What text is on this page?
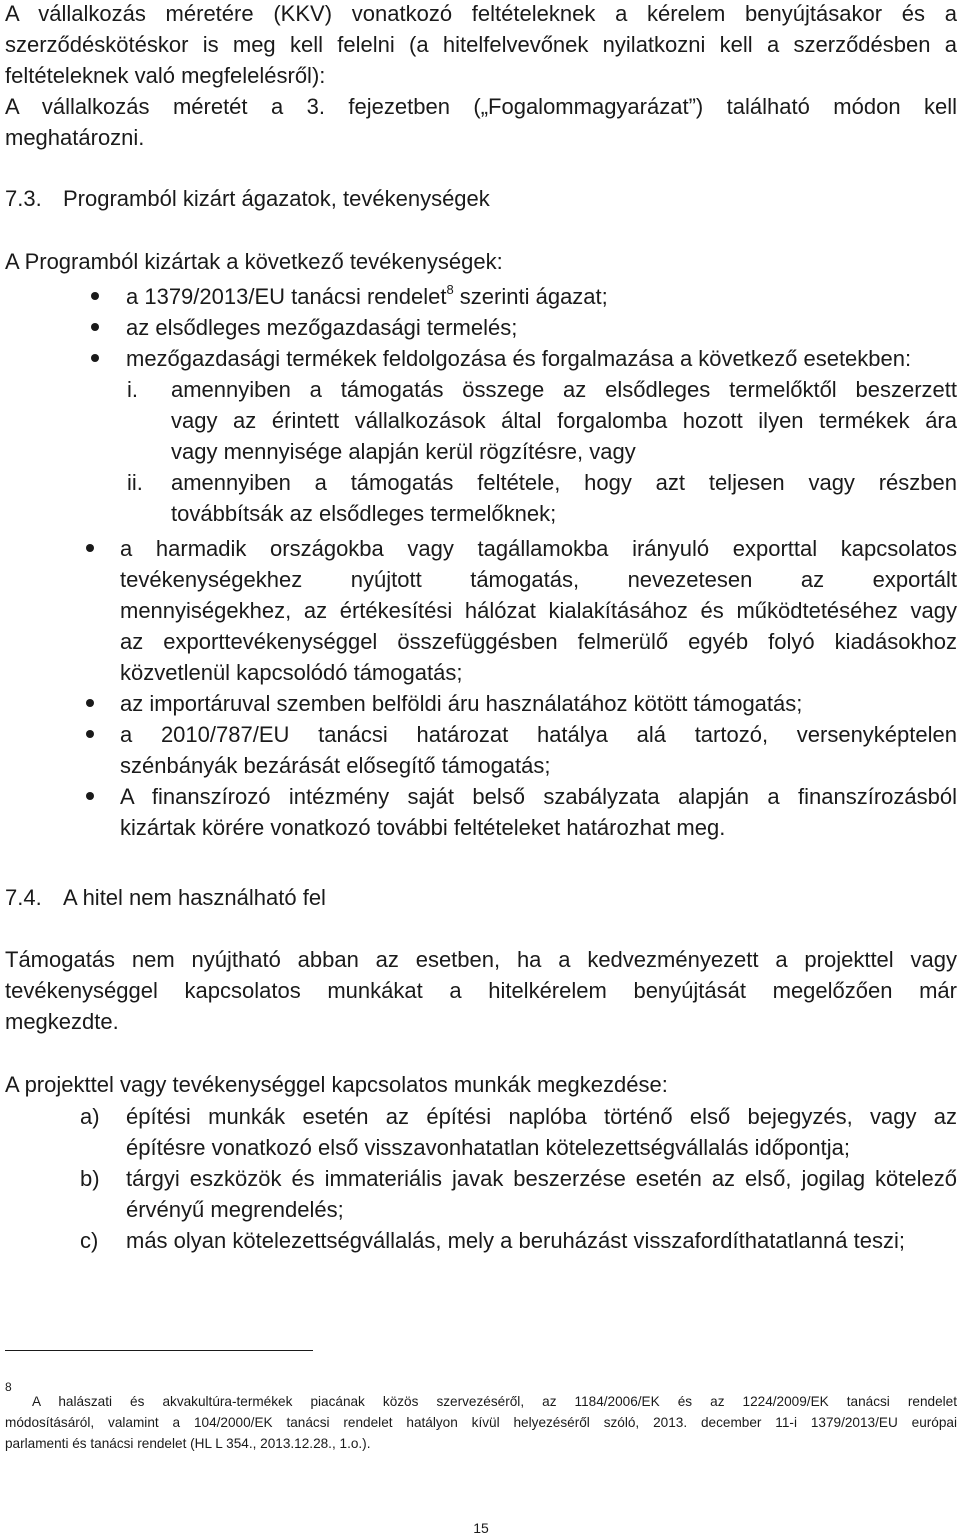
A vállalkozás méretére (KKV) vonatkozó feltételeknek a kérelem benyújtásakor és a
szerződéskötéskor is meg kell felelni (a hitelfelvevőnek nyilatkozni kell a szerződésben a
feltételeknek való megfelelésről):
A vállalkozás méretét a 3. fejezetben („Fogalommagyarázat”) található módon kell
meghatározni.

7.3. Programból kizárt ágazatok, tevékenységek

A Programból kizártak a következő tevékenységek:

a 1379/2013/EU tanácsi rendelet$^8$ szerinti ágazat;
az elsődleges mezőgazdasági termelés;
mezőgazdasági termékek feldolgozása és forgalmazása a következő esetekben:
i. amennyiben a támogatás összege az elsődleges termelőktől beszerzett
vagy az érintett vállalkozások által forgalomba hozott ilyen termékek ára
vagy mennyisége alapján kerül rögzítésre, vagy
ii. amennyiben a támogatás feltétele, hogy azt teljesen vagy részben
továbbítsák az elsődleges termelőknek;
a harmadik országokba vagy tagállamokba irányuló exporttal kapcsolatos
tevékenységekhez nyújtott támogatás, nevezetesen az exportált
mennyiségekhez, az értékesítési hálózat kialakításához és működtetéséhez vagy
az exporttevékenységgel összefüggésben felmerülő egyéb folyó kiadásokhoz
közvetlenül kapcsolódó támogatás;
az importáruval szemben belföldi áru használatához kötött támogatás;
a 2010/787/EU tanácsi határozat hatálya alá tartozó, versenyképtelen
szénbányák bezárását elősegítő támogatás;
A finanszírozó intézmény saját belső szabályzata alapján a finanszírozásból
kizártak körére vonatkozó további feltételeket határozhat meg.
7.4. A hitel nem használható fel
Támogatás nem nyújtható abban az esetben, ha a kedvezményezett a projekttel vagy
tevékenységgel kapcsolatos munkákat a hitelkérelem benyújtását megelőzően már
megkezdte.

A projekttel vagy tevékenységgel kapcsolatos munkák megkezdése:

a) építési munkák esetén az építési naplóba történő első bejegyzés, vagy az
építésre vonatkozó első visszavonhatatlan kötelezettségvállalás időpontja;
b) tárgyi eszközök és immateriális javak beszerzése esetén az első, jogilag kötelező
érvényű megrendelés;
c) más olyan kötelezettségvállalás, mely a beruházást visszafordíthatatlanná teszi;
8
A halászati és akvakultúra-termékek piacának közös szervezéséről, az 1184/2006/EK és az 1224/2009/EK tanácsi rendelet
módosításáról, valamint a 104/2000/EK tanácsi rendelet hatályon kívül helyezéséről szóló, 2013. december 11-i 1379/2013/EU európai
parlamenti és tanácsi rendelet (HL L 354., 2013.12.28., 1.o.).
15
